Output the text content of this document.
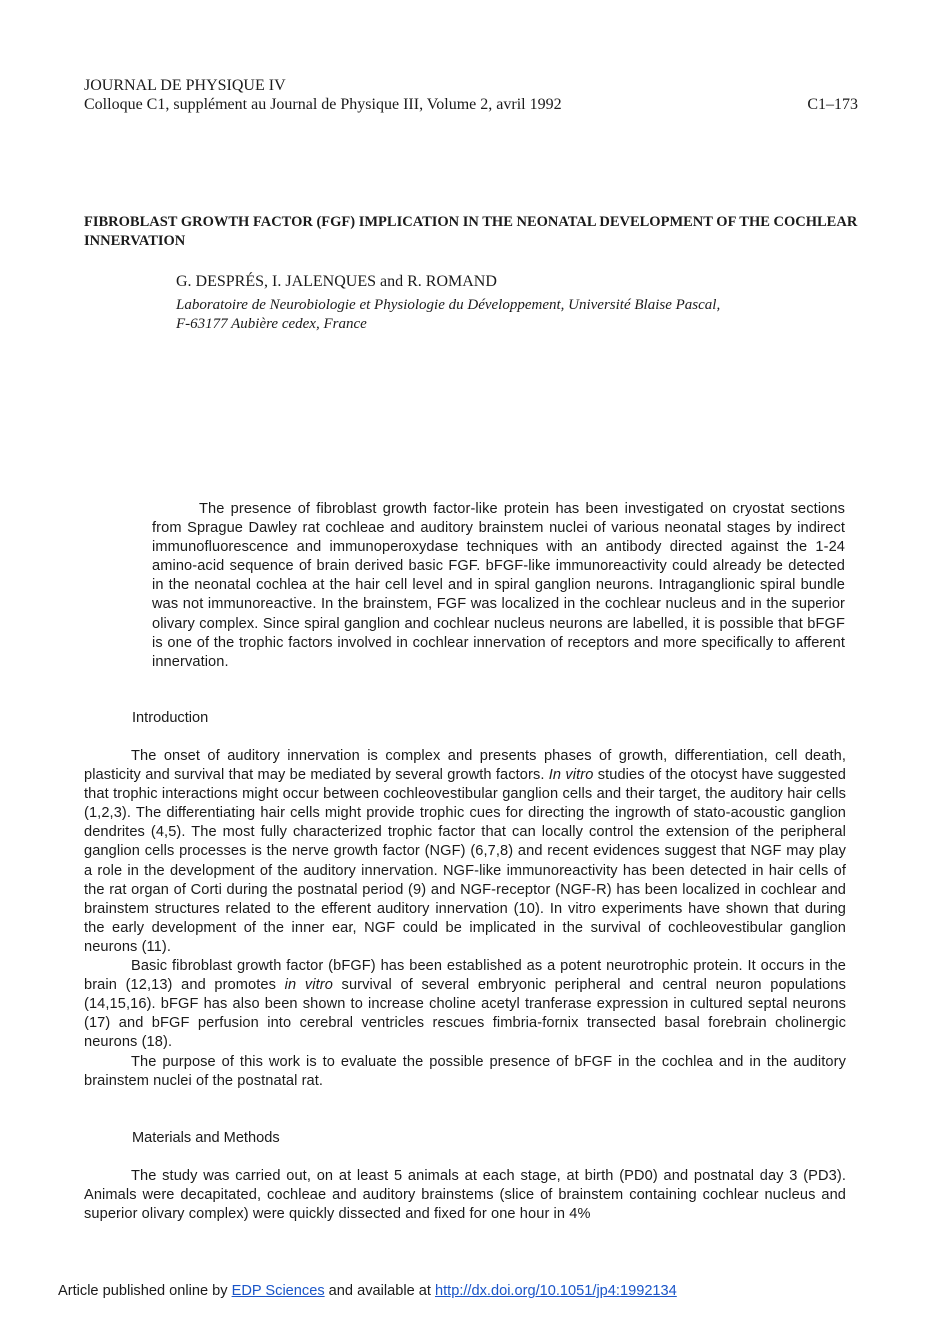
JOURNAL DE PHYSIQUE IV
Colloque C1, supplément au Journal de Physique III, Volume 2, avril 1992	C1–173
FIBROBLAST GROWTH FACTOR (FGF) IMPLICATION IN THE NEONATAL DEVELOPMENT OF THE COCHLEAR INNERVATION
G. DESPRÉS, I. JALENQUES and R. ROMAND
Laboratoire de Neurobiologie et Physiologie du Développement, Université Blaise Pascal,
F-63177 Aubière cedex, France

The presence of fibroblast growth factor-like protein has been investigated on cryostat sections from Sprague Dawley rat cochleae and auditory brainstem nuclei of various neonatal stages by indirect immunofluorescence and immunoperoxydase techniques with an antibody directed against the 1-24 amino-acid sequence of brain derived basic FGF. bFGF-like immunoreactivity could already be detected in the neonatal cochlea at the hair cell level and in spiral ganglion neurons. Intraganglionic spiral bundle was not immunoreactive. In the brainstem, FGF was localized in the cochlear nucleus and in the superior olivary complex. Since spiral ganglion and cochlear nucleus neurons are labelled, it is possible that bFGF is one of the trophic factors involved in cochlear innervation of receptors and more specifically to afferent innervation.

Introduction

The onset of auditory innervation is complex and presents phases of growth, differentiation, cell death, plasticity and survival that may be mediated by several growth factors. In vitro studies of the otocyst have suggested that trophic interactions might occur between cochleovestibular ganglion cells and their target, the auditory hair cells (1,2,3). The differentiating hair cells might provide trophic cues for directing the ingrowth of stato-acoustic ganglion dendrites (4,5). The most fully characterized trophic factor that can locally control the extension of the peripheral ganglion cells processes is the nerve growth factor (NGF) (6,7,8) and recent evidences suggest that NGF may play a role in the development of the auditory innervation. NGF-like immunoreactivity has been detected in hair cells of the rat organ of Corti during the postnatal period (9) and NGF-receptor (NGF-R) has been localized in cochlear and brainstem structures related to the efferent auditory innervation (10). In vitro experiments have shown that during the early development of the inner ear, NGF could be implicated in the survival of cochleovestibular ganglion neurons (11).

Basic fibroblast growth factor (bFGF) has been established as a potent neurotrophic protein. It occurs in the brain (12,13) and promotes in vitro survival of several embryonic peripheral and central neuron populations (14,15,16). bFGF has also been shown to increase choline acetyl tranferase expression in cultured septal neurons (17) and bFGF perfusion into cerebral ventricles rescues fimbria-fornix transected basal forebrain cholinergic neurons (18).

The purpose of this work is to evaluate the possible presence of bFGF in the cochlea and in the auditory brainstem nuclei of the postnatal rat.

Materials and Methods

The study was carried out, on at least 5 animals at each stage, at birth (PD0) and postnatal day 3 (PD3). Animals were decapitated, cochleae and auditory brainstems (slice of brainstem containing cochlear nucleus and superior olivary complex) were quickly dissected and fixed for one hour in 4%

Article published online by EDP Sciences and available at http://dx.doi.org/10.1051/jp4:1992134
